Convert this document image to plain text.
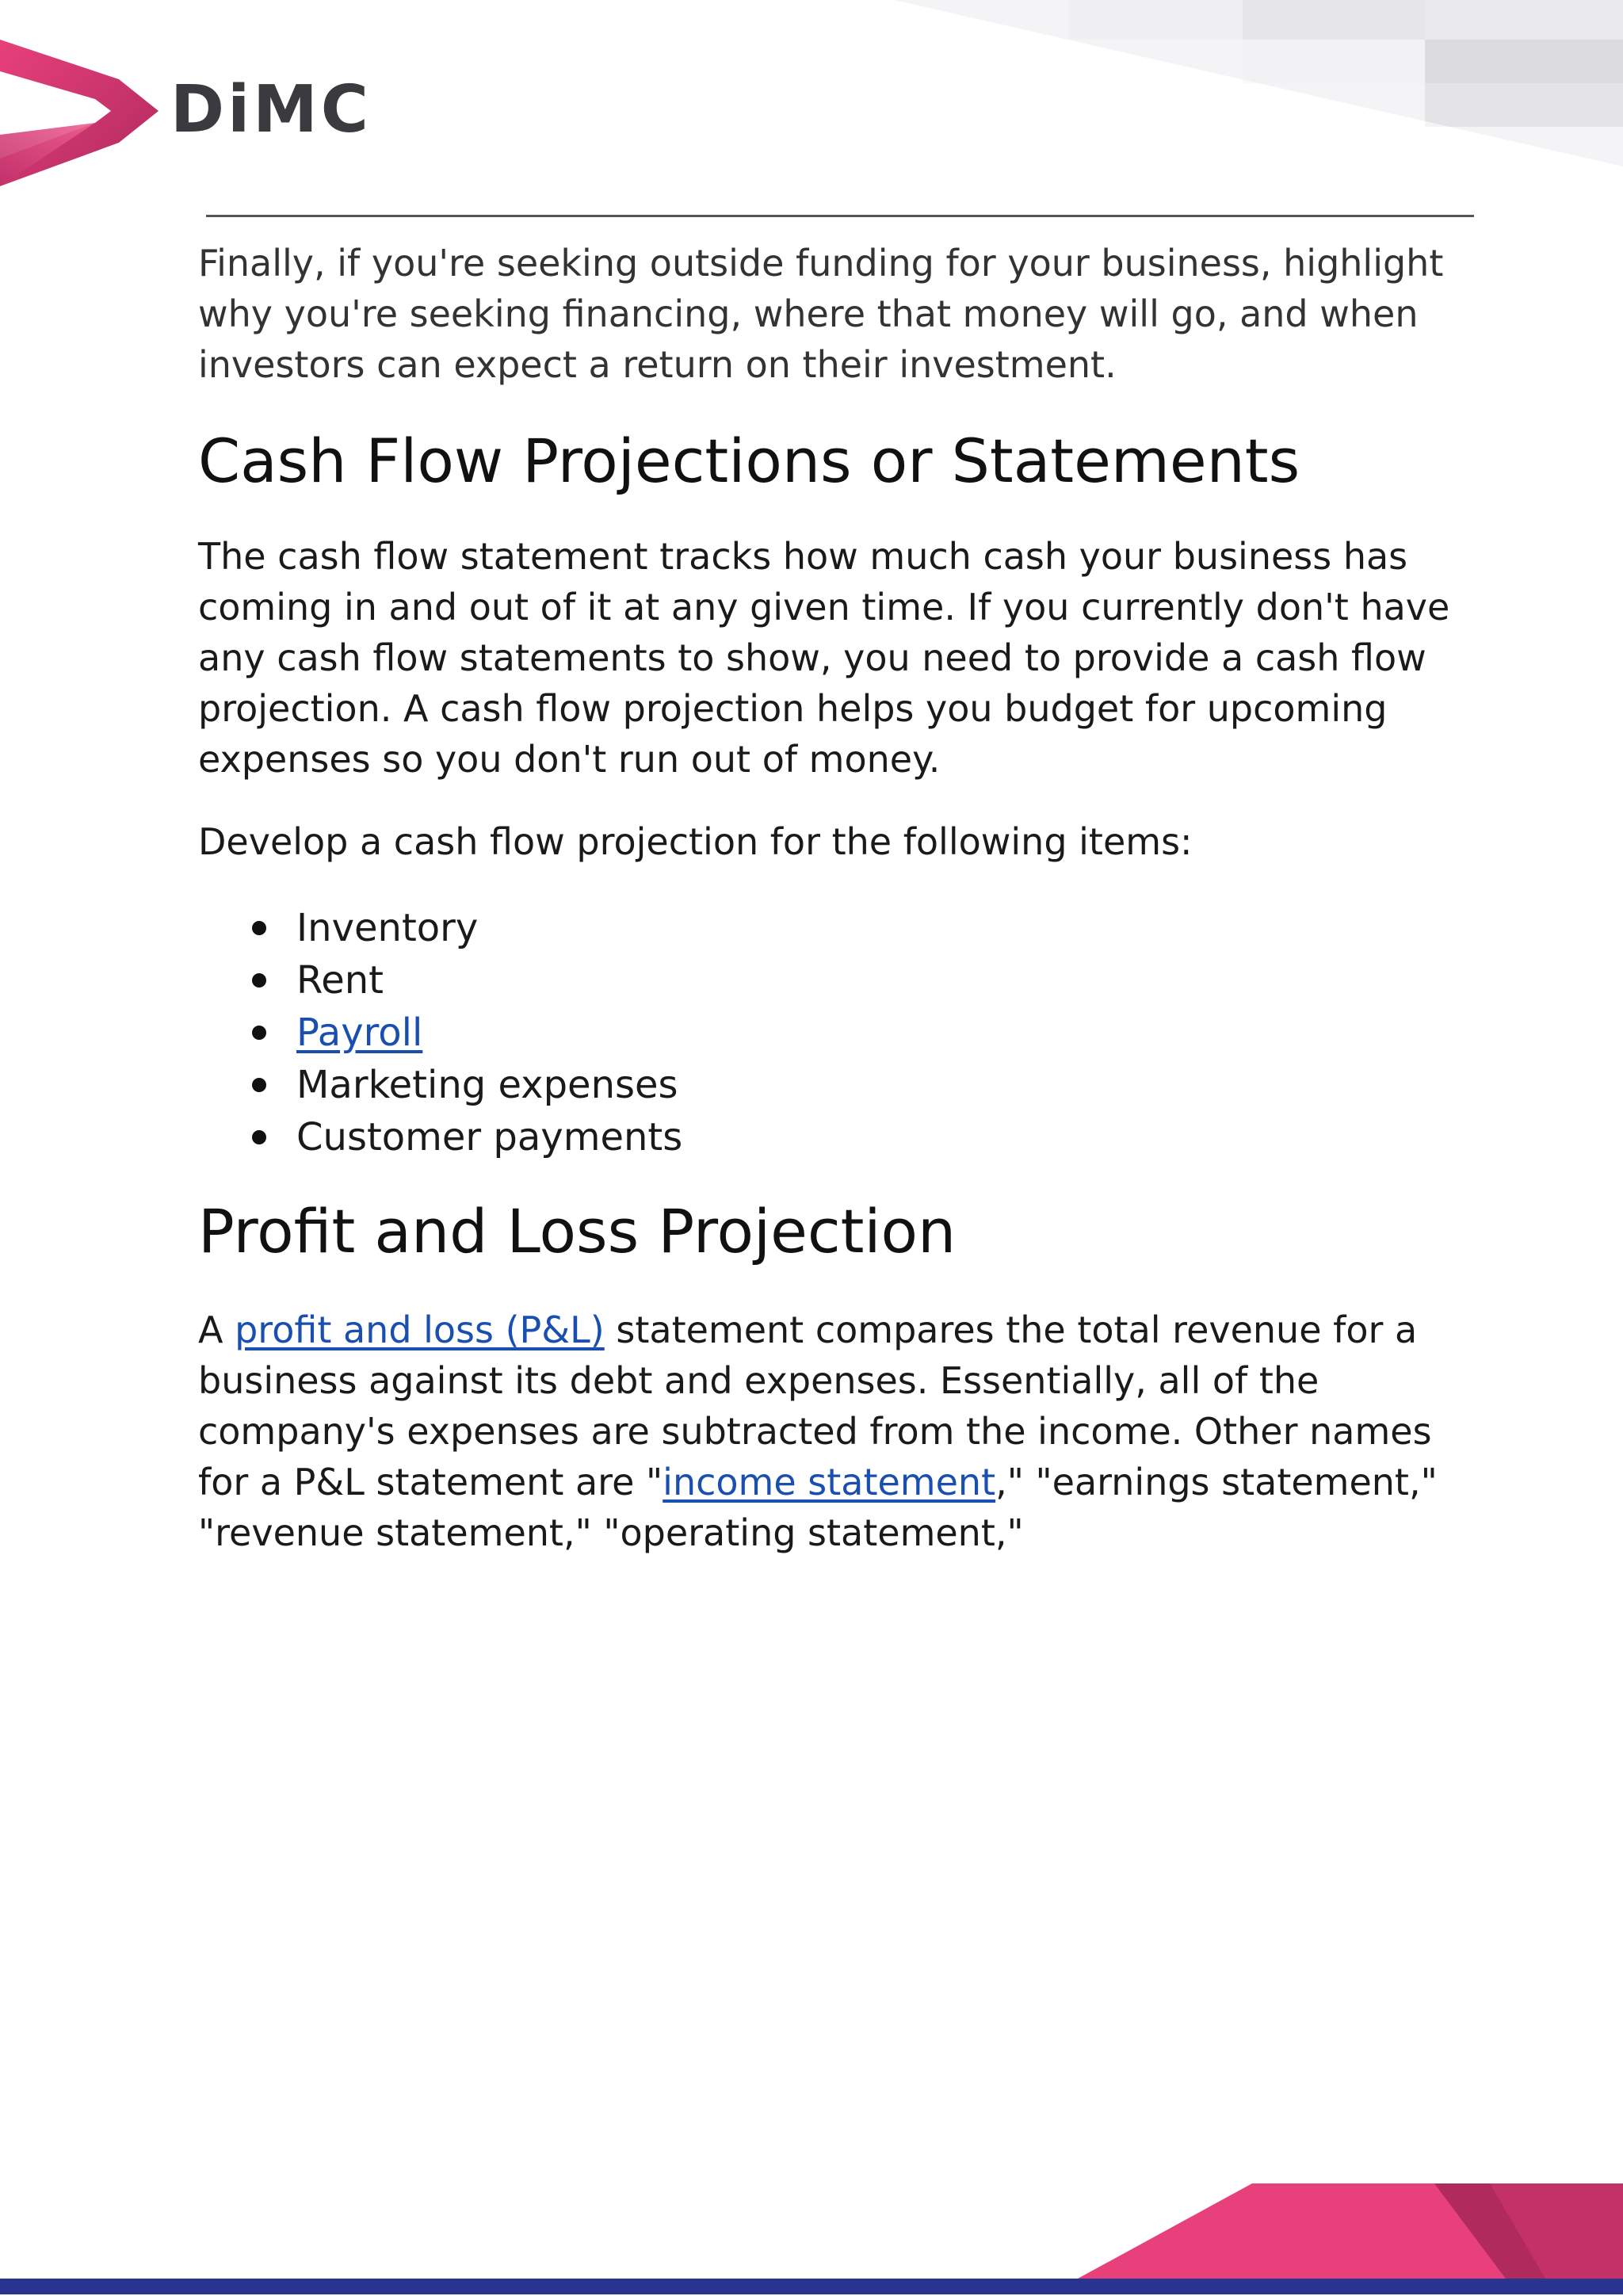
DiMC

Finally, if you're seeking outside funding for your business, highlight why you're seeking financing, where that money will go, and when investors can expect a return on their investment.

Cash Flow Projections or Statements

The cash flow statement tracks how much cash your business has coming in and out of it at any given time. If you currently don't have any cash flow statements to show, you need to provide a cash flow projection. A cash flow projection helps you budget for upcoming expenses so you don't run out of money.

Develop a cash flow projection for the following items:

Inventory
Rent
Payroll
Marketing expenses
Customer payments
Profit and Loss Projection

A profit and loss (P&L) statement compares the total revenue for a business against its debt and expenses. Essentially, all of the company's expenses are subtracted from the income. Other names for a P&L statement are "income statement," "earnings statement," "revenue statement," "operating statement,"
